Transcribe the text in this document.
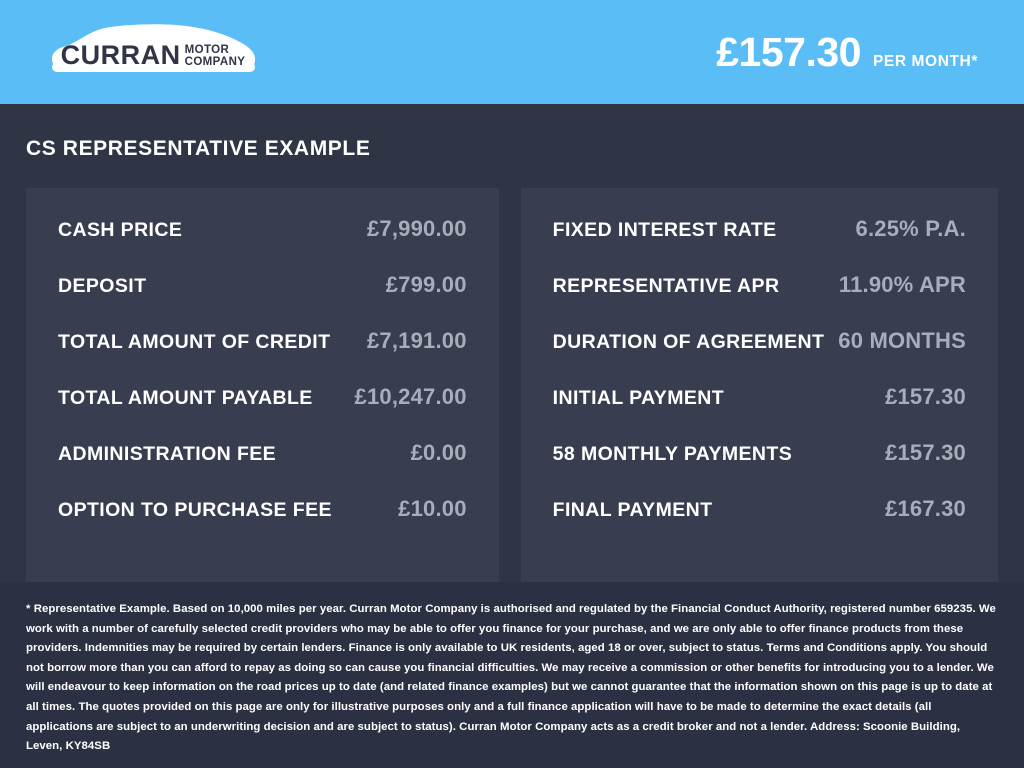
CURRAN MOTOR
COMPANY	£157.30 PER MONTH*
CS REPRESENTATIVE EXAMPLE
CASH PRICE	£7,990.00
DEPOSIT	£799.00
TOTAL AMOUNT OF CREDIT £7,191.00
TOTAL AMOUNT PAYABLE £10,247.00
ADMINISTRATION FEE	£0.00
OPTION TO PURCHASE FEE	£10.00
FIXED INTEREST RATE	6.25% P.A.
REPRESENTATIVE APR	11.90% APR
DURATION OF AGREEMENT 60 MONTHS
INITIAL PAYMENT	£157.30
58 MONTHLY PAYMENTS	£157.30
FINAL PAYMENT	£167.30

* Representative Example. Based on 10,000 miles per year. Curran Motor Company is authorised and regulated by the Financial Conduct Authority, registered number 659235. We work with a number of carefully selected credit providers who may be able to offer you finance for your purchase, and we are only able to offer finance products from these providers. Indemnities may be required by certain lenders. Finance is only available to UK residents, aged 18 or over, subject to status. Terms and Conditions apply. You should not borrow more than you can afford to repay as doing so can cause you financial difficulties. We may receive a commission or other benefits for introducing you to a lender. We will endeavour to keep information on the road prices up to date (and related finance examples) but we cannot guarantee that the information shown on this page is up to date at all times. The quotes provided on this page are only for illustrative purposes only and a full finance application will have to be made to determine the exact details (all applications are subject to an underwriting decision and are subject to status). Curran Motor Company acts as a credit broker and not a lender. Address: Scoonie Building, Leven, KY84SB
